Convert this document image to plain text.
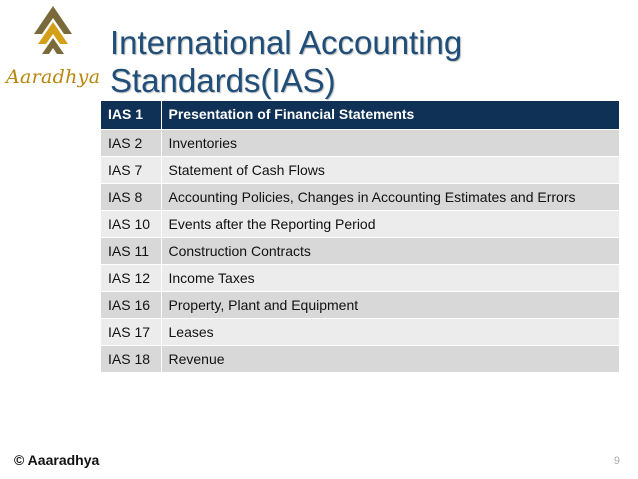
Aaradhya
International Accounting
Standards(IAS)
IAS 1	Presentation of Financial Statements
IAS 2	Inventories
IAS 7	Statement of Cash Flows
IAS 8	Accounting Policies, Changes in Accounting Estimates and Errors
IAS 10	Events after the Reporting Period
IAS 11	Construction Contracts
IAS 12	Income Taxes
IAS 16	Property, Plant and Equipment
IAS 17	Leases
IAS 18	Revenue
© Aaaradhya	9
